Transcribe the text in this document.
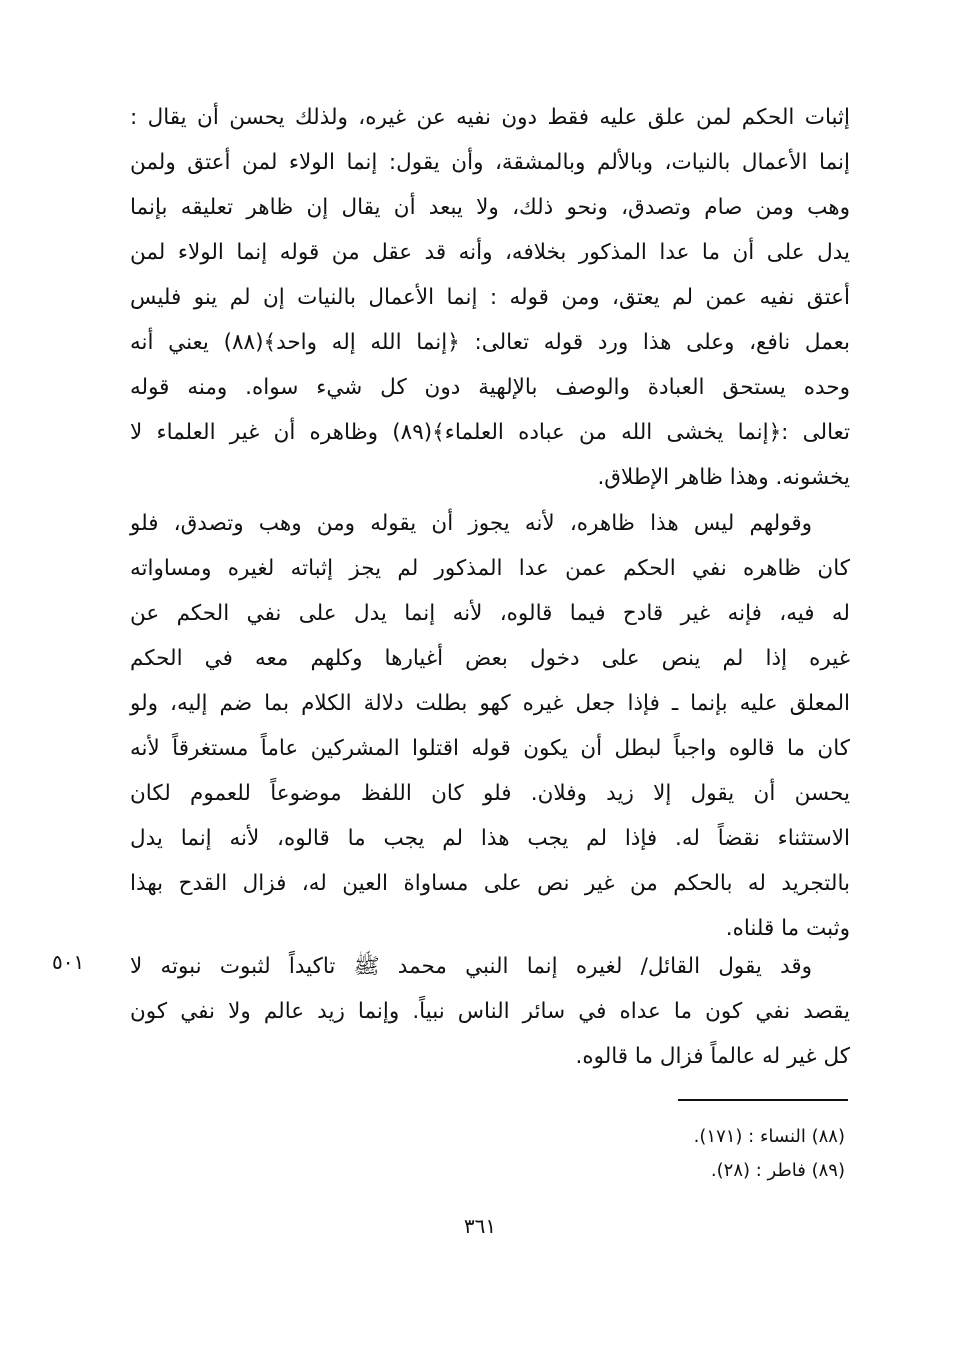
إثبات الحكم لمن علق عليه فقط دون نفيه عن غيره، ولذلك يحسن أن يقال :
إنما الأعمال بالنيات، وبالألم وبالمشقة، وأن يقول: إنما الولاء لمن أعتق ولمن
وهب ومن صام وتصدق، ونحو ذلك، ولا يبعد أن يقال إن ظاهر تعليقه بإنما
يدل على أن ما عدا المذكور بخلافه، وأنه قد عقل من قوله إنما الولاء لمن
أعتق نفيه عمن لم يعتق، ومن قوله : إنما الأعمال بالنيات إن لم ينو فليس
بعمل نافع، وعلى هذا ورد قوله تعالى: ﴿إنما الله إله واحد﴾(٨٨) يعني أنه
وحده يستحق العبادة والوصف بالإلهية دون كل شيء سواه. ومنه قوله
تعالى :﴿إنما يخشى الله من عباده العلماء﴾(٨٩) وظاهره أن غير العلماء لا
يخشونه. وهذا ظاهر الإطلاق.
وقولهم ليس هذا ظاهره، لأنه يجوز أن يقوله ومن وهب وتصدق، فلو
كان ظاهره نفي الحكم عمن عدا المذكور لم يجز إثباته لغيره ومساواته
له فيه، فإنه غير قادح فيما قالوه، لأنه إنما يدل على نفي الحكم عن
غيره إذا لم ينص على دخول بعض أغيارها وكلهم معه في الحكم
المعلق عليه بإنما ـ فإذا جعل غيره كهو بطلت دلالة الكلام بما ضم إليه، ولو
كان ما قالوه واجباً لبطل أن يكون قوله اقتلوا المشركين عاماً مستغرقاً لأنه
يحسن أن يقول إلا زيد وفلان. فلو كان اللفظ موضوعاً للعموم لكان
الاستثناء نقضاً له. فإذا لم يجب هذا لم يجب ما قالوه، لأنه إنما يدل
بالتجريد له بالحكم من غير نص على مساواة العين له، فزال القدح بهذا
وثبت ما قلناه.
وقد يقول القائل/ لغيره إنما النبي محمد ﷺ تاكيداً لثبوت نبوته لا
يقصد نفي كون ما عداه في سائر الناس نبياً. وإنما زيد عالم ولا نفي كون
كل غير له عالماً فزال ما قالوه.
٥٠١
(٨٨) النساء : (١٧١).
(٨٩) فاطر : (٢٨).
٣٦١
